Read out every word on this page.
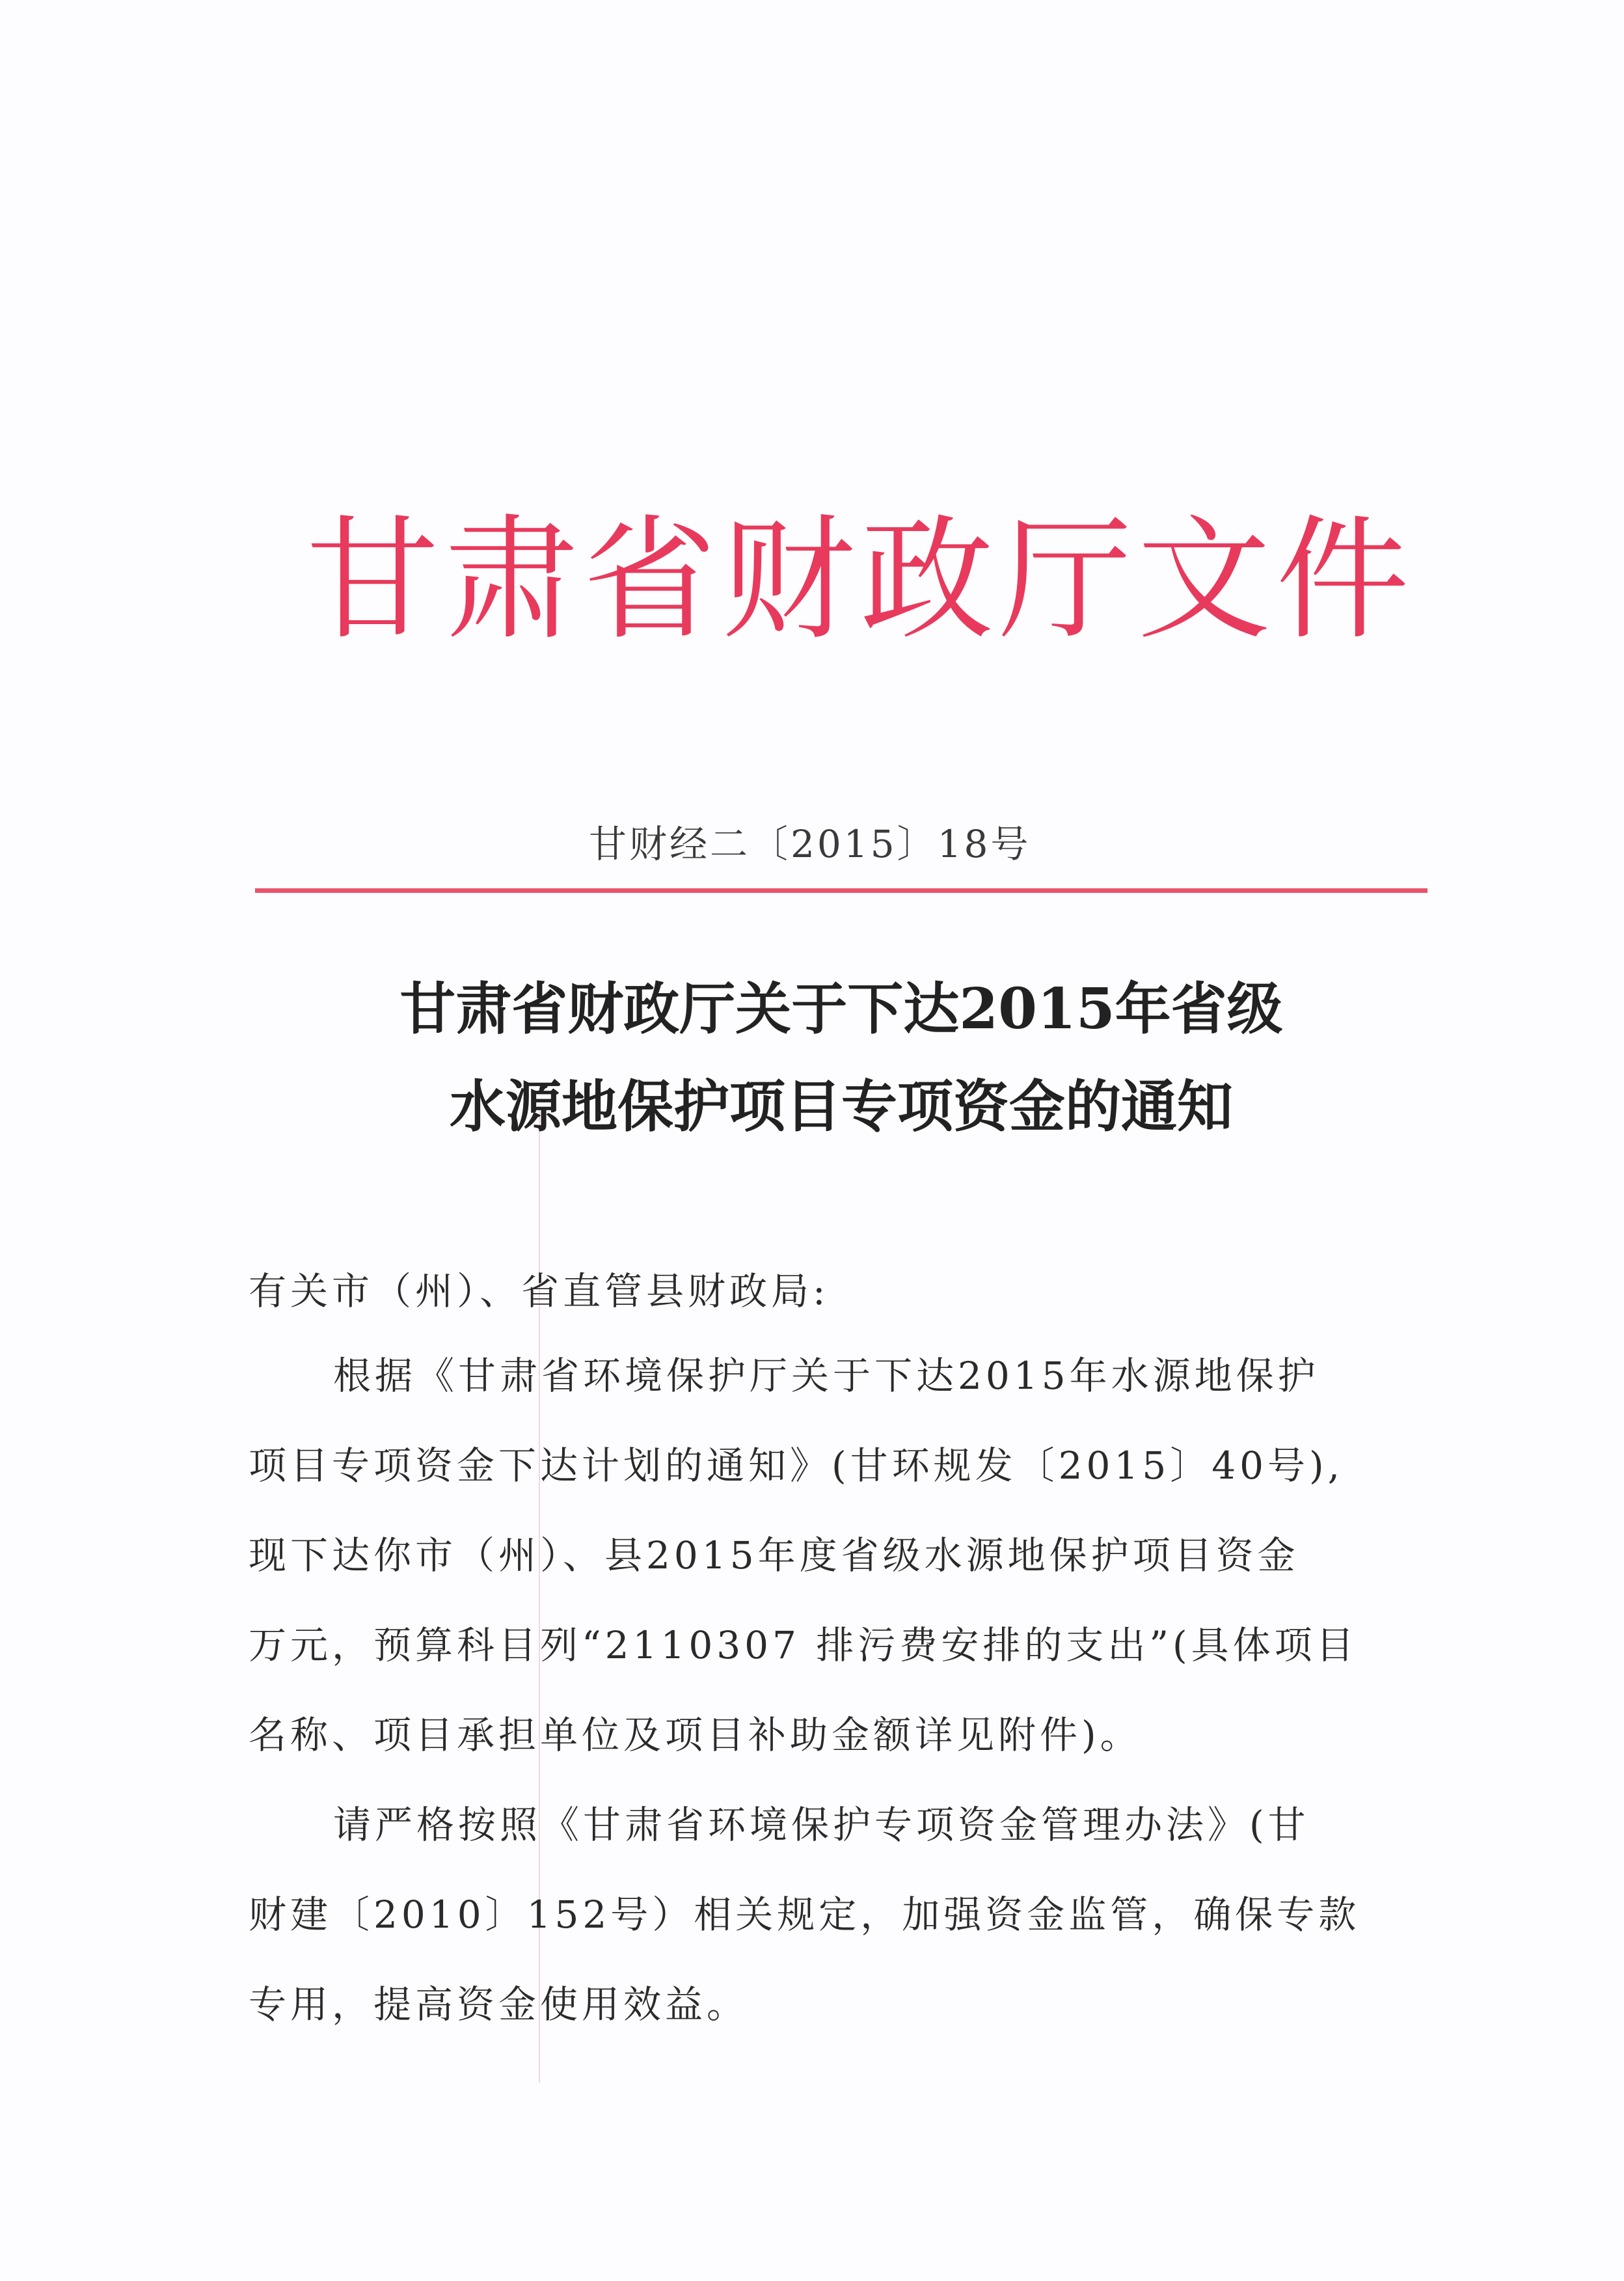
甘肃省财政厅文件
甘财经二〔2015〕18号
甘肃省财政厅关于下达2015年省级
水源地保护项目专项资金的通知
有关市（州）、省直管县财政局:
根据《甘肃省环境保护厅关于下达2015年水源地保护
项目专项资金下达计划的通知》(甘环规发〔2015〕40号),
现下达你市（州）、县2015年度省级水源地保护项目资金
万元，预算科目列“2110307 排污费安排的支出”(具体项目
名称、项目承担单位及项目补助金额详见附件)。
请严格按照《甘肃省环境保护专项资金管理办法》(甘
财建〔2010〕152号）相关规定，加强资金监管，确保专款
专用，提高资金使用效益。
